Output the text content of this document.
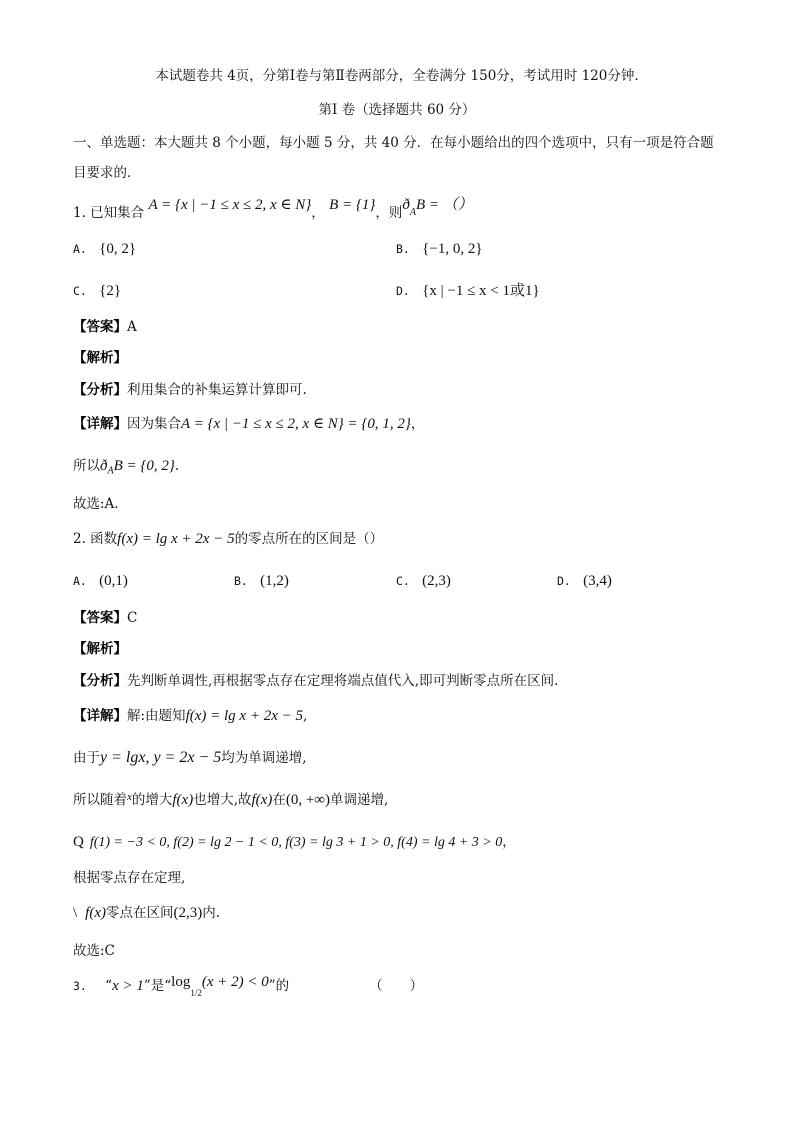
本试题卷共 4页，分第Ⅰ卷与第Ⅱ卷两部分，全卷满分 150分，考试用时 120分钟.
第Ⅰ 卷（选择题共 60 分）
一、单选题：本大题共 8 个小题，每小题 5 分，共 40 分．在每小题给出的四个选项中，只有一项是符合题
目要求的．
1. 已知集合 A = {x | −1 ≤ x ≤ 2, x ∈ N}， B = {1}，则$ð_AB$ = （）
A. {0, 2}	B. {−1, 0, 2}
C. {2}	D. {x | −1 ≤ x < 1或1}
【答案】A
【解析】
【分析】利用集合的补集运算计算即可.
【详解】因为集合A = {x | −1 ≤ x ≤ 2, x ∈ N} = {0, 1, 2}，
所以$ð_AB = \{0$, 2}.
故选:A.
2. 函数f(x) = lg x + 2x − 5的零点所在的区间是（）
A. (0,1)	B. (1,2)	C. (2,3)	D. (3,4)
【答案】C
【解析】
【分析】先判断单调性,再根据零点存在定理将端点值代入,即可判断零点所在区间.
【详解】解:由题知f(x) = lg x + 2x − 5,
由于y = lgx, y = 2x − 5均为单调递增,
所以随着$^x$的增大f(x)也增大,故f(x)在(0, +∞)单调递增,
Q f(1) = −3 < 0, f(2) = lg 2 − 1 < 0, f(3) = lg 3 + 1 > 0, f(4) = lg 4 + 3 > 0，
根据零点存在定理,
\ f(x)零点在区间(2,3)内.
故选:C
3. “x > 1”是“$\log_{1/2}(x + 2) < 0$”的	（　　）
